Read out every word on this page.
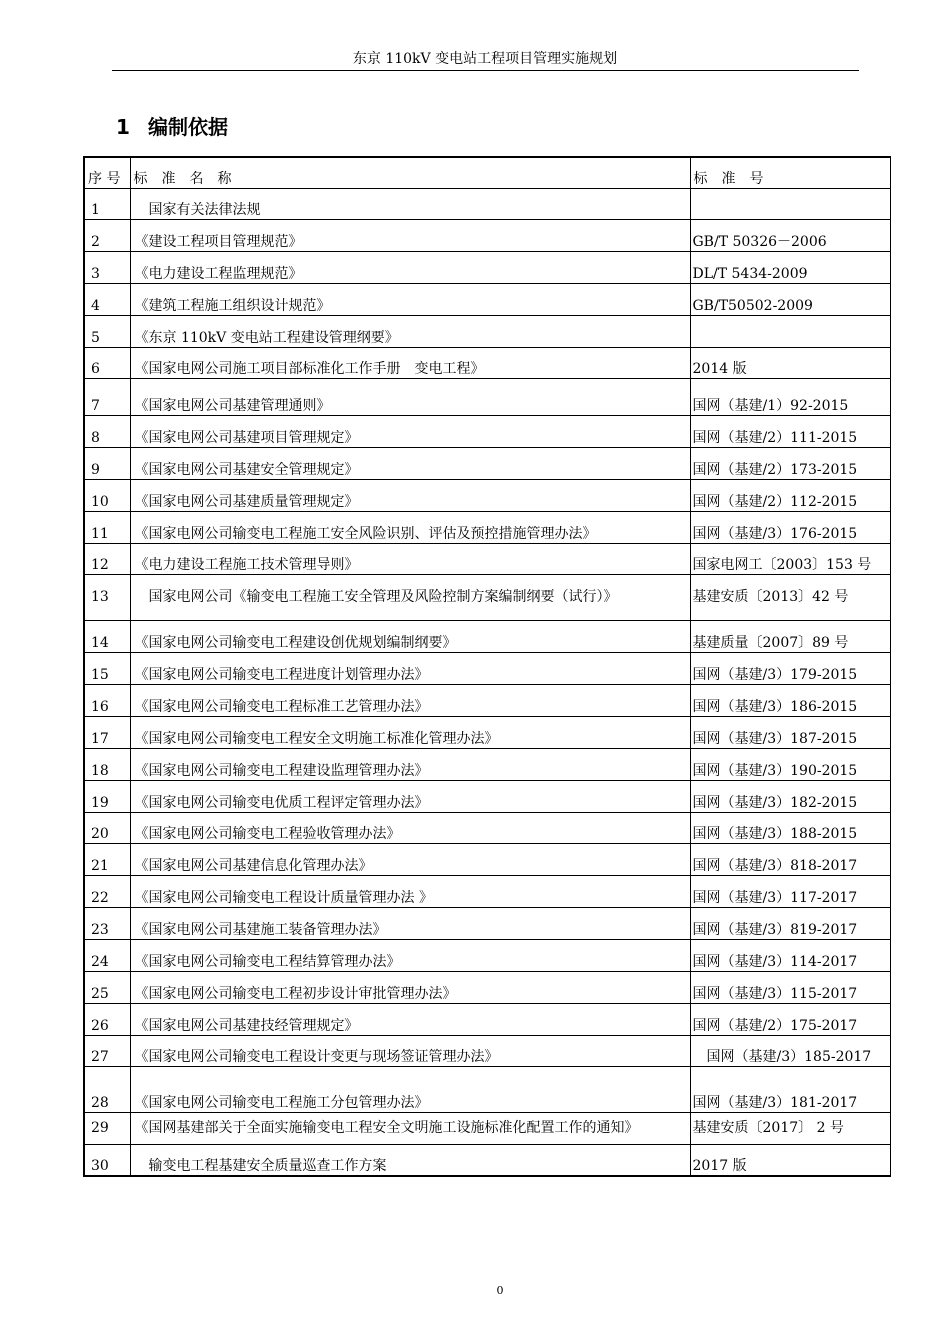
东京 110kV 变电站工程项目管理实施规划
1 编制依据
序 号	标　准　名　称	标　准　号
1	　国家有关法律法规	
2	《建设工程项目管理规范》	GB/T 50326－2006
3	《电力建设工程监理规范》	DL/T 5434-2009
4	《建筑工程施工组织设计规范》	GB/T50502-2009
5	《东京 110kV 变电站工程建设管理纲要》	
6	《国家电网公司施工项目部标准化工作手册　变电工程》	2014 版
7	《国家电网公司基建管理通则》	国网（基建/1）92-2015
8	《国家电网公司基建项目管理规定》	国网（基建/2）111-2015
9	《国家电网公司基建安全管理规定》	国网（基建/2）173-2015
10	《国家电网公司基建质量管理规定》	国网（基建/2）112-2015
11	《国家电网公司输变电工程施工安全风险识别、评估及预控措施管理办法》	国网（基建/3）176-2015
12	《电力建设工程施工技术管理导则》	国家电网工〔2003〕153 号
13	　国家电网公司《输变电工程施工安全管理及风险控制方案编制纲要（试行）》	基建安质〔2013〕42 号
14	《国家电网公司输变电工程建设创优规划编制纲要》	基建质量〔2007〕89 号
15	《国家电网公司输变电工程进度计划管理办法》	国网（基建/3）179-2015
16	《国家电网公司输变电工程标准工艺管理办法》	国网（基建/3）186-2015
17	《国家电网公司输变电工程安全文明施工标准化管理办法》	国网（基建/3）187-2015
18	《国家电网公司输变电工程建设监理管理办法》	国网（基建/3）190-2015
19	《国家电网公司输变电优质工程评定管理办法》	国网（基建/3）182-2015
20	《国家电网公司输变电工程验收管理办法》	国网（基建/3）188-2015
21	《国家电网公司基建信息化管理办法》	国网（基建/3）818-2017
22	《国家电网公司输变电工程设计质量管理办法 》	国网（基建/3）117-2017
23	《国家电网公司基建施工装备管理办法》	国网（基建/3）819-2017
24	《国家电网公司输变电工程结算管理办法》	国网（基建/3）114-2017
25	《国家电网公司输变电工程初步设计审批管理办法》	国网（基建/3）115-2017
26	《国家电网公司基建技经管理规定》	国网（基建/2）175-2017
27	《国家电网公司输变电工程设计变更与现场签证管理办法》	　国网（基建/3）185-2017
28	《国家电网公司输变电工程施工分包管理办法》	国网（基建/3）181-2017
29	《国网基建部关于全面实施输变电工程安全文明施工设施标准化配置工作的通知》	基建安质〔2017〕 2 号
30	　输变电工程基建安全质量巡查工作方案	2017 版
0
